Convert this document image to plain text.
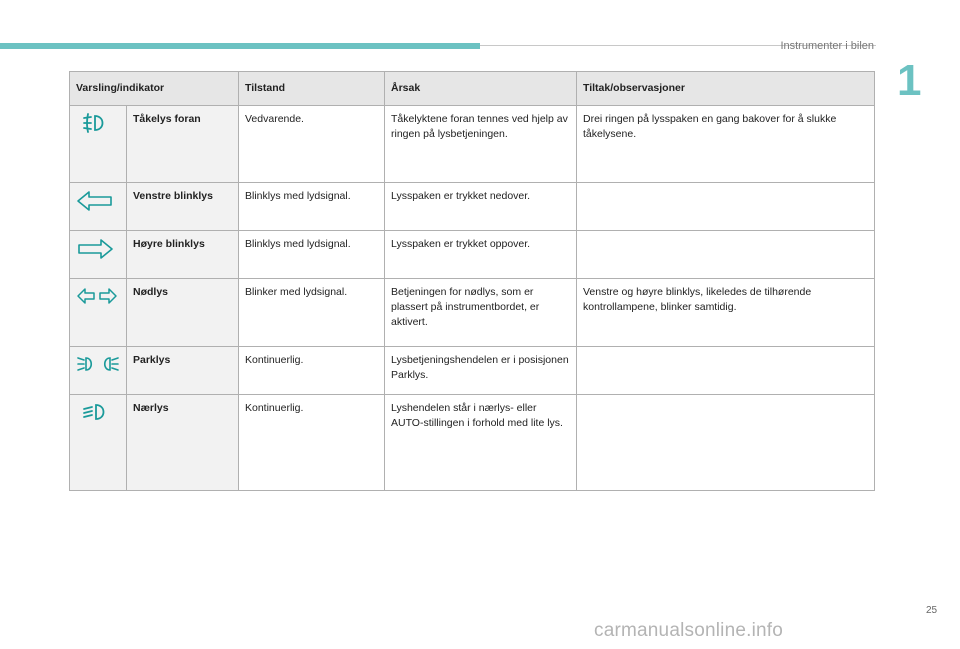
Instrumenter i bilen
1
Varsling/indikator		Tilstand	Årsak	Tiltak/observasjoner
	Tåkelys foran	Vedvarende.	Tåkelyktene foran tennes ved hjelp av ringen på lysbetjeningen.	Drei ringen på lysspaken en gang bakover for å slukke tåkelysene.
	Venstre blinklys	Blinklys med lydsignal.	Lysspaken er trykket nedover.	
	Høyre blinklys	Blinklys med lydsignal.	Lysspaken er trykket oppover.	
	Nødlys	Blinker med lydsignal.	Betjeningen for nødlys, som er plassert på instrumentbordet, er aktivert.	Venstre og høyre blinklys, likeledes de tilhørende kontrollampene, blinker samtidig.
	Parklys	Kontinuerlig.	Lysbetjeningshendelen er i posisjonen Parklys.	
	Nærlys	Kontinuerlig.	Lyshendelen står i nærlys- eller AUTO-stillingen i forhold med lite lys.	
25
carmanualsonline.info
